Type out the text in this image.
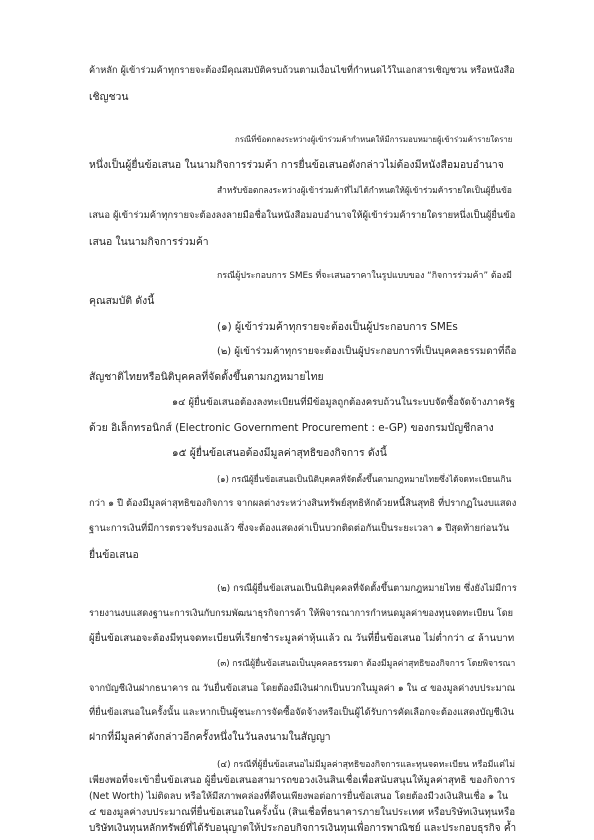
ค้าหลัก ผู้เข้าร่วมค้าทุกรายจะต้องมีคุณสมบัติครบถ้วนตามเงื่อนไขที่กำหนดไว้ในเอกสารเชิญชวน หรือหนังสือ
เชิญชวน
กรณีที่ข้อตกลงระหว่างผู้เข้าร่วมค้ากำหนดให้มีการมอบหมายผู้เข้าร่วมค้ารายใดราย
หนึ่งเป็นผู้ยื่นข้อเสนอ ในนามกิจการร่วมค้า การยื่นข้อเสนอดังกล่าวไม่ต้องมีหนังสือมอบอำนาจ
สำหรับข้อตกลงระหว่างผู้เข้าร่วมค้าที่ไม่ได้กำหนดให้ผู้เข้าร่วมค้ารายใดเป็นผู้ยื่นข้อ
เสนอ ผู้เข้าร่วมค้าทุกรายจะต้องลงลายมือชื่อในหนังสือมอบอำนาจให้ผู้เข้าร่วมค้ารายใดรายหนึ่งเป็นผู้ยื่นข้อ
เสนอ ในนามกิจการร่วมค้า
กรณีผู้ประกอบการ SMEs ที่จะเสนอราคาในรูปแบบของ “กิจการร่วมค้า” ต้องมี
คุณสมบัติ ดังนี้
(๑) ผู้เข้าร่วมค้าทุกรายจะต้องเป็นผู้ประกอบการ SMEs
(๒) ผู้เข้าร่วมค้าทุกรายจะต้องเป็นผู้ประกอบการที่เป็นบุคคลธรรมดาที่ถือ
สัญชาติไทยหรือนิติบุคคลที่จัดตั้งขึ้นตามกฎหมายไทย
๑๔ ผู้ยื่นข้อเสนอต้องลงทะเบียนที่มีข้อมูลถูกต้องครบถ้วนในระบบจัดซื้อจัดจ้างภาครัฐ
ด้วย อิเล็กทรอนิกส์ (Electronic Government Procurement : e-GP) ของกรมบัญชีกลาง
๑๕ ผู้ยื่นข้อเสนอต้องมีมูลค่าสุทธิของกิจการ ดังนี้
(๑) กรณีผู้ยื่นข้อเสนอเป็นนิติบุคคลที่จัดตั้งขึ้นตามกฎหมายไทยซึ่งได้จดทะเบียนเกิน
กว่า ๑ ปี ต้องมีมูลค่าสุทธิของกิจการ จากผลต่างระหว่างสินทรัพย์สุทธิหักด้วยหนี้สินสุทธิ ที่ปรากฏในงบแสดง
ฐานะการเงินที่มีการตรวจรับรองแล้ว ซึ่งจะต้องแสดงค่าเป็นบวกติดต่อกันเป็นระยะเวลา ๑ ปีสุดท้ายก่อนวัน
ยื่นข้อเสนอ
(๒) กรณีผู้ยื่นข้อเสนอเป็นนิติบุคคลที่จัดตั้งขึ้นตามกฎหมายไทย ซึ่งยังไม่มีการ
รายงานงบแสดงฐานะการเงินกับกรมพัฒนาธุรกิจการค้า ให้พิจารณาการกำหนดมูลค่าของทุนจดทะเบียน โดย
ผู้ยื่นข้อเสนอจะต้องมีทุนจดทะเบียนที่เรียกชำระมูลค่าหุ้นแล้ว ณ วันที่ยื่นข้อเสนอ ไม่ต่ำกว่า ๔ ล้านบาท
(๓) กรณีผู้ยื่นข้อเสนอเป็นบุคคลธรรมดา ต้องมีมูลค่าสุทธิของกิจการ โดยพิจารณา
จากบัญชีเงินฝากธนาคาร ณ วันยื่นข้อเสนอ โดยต้องมีเงินฝากเป็นบวกในมูลค่า ๑ ใน ๔ ของมูลค่างบประมาณ
ที่ยื่นข้อเสนอในครั้งนั้น และหากเป็นผู้ชนะการจัดซื้อจัดจ้างหรือเป็นผู้ได้รับการคัดเลือกจะต้องแสดงบัญชีเงิน
ฝากที่มีมูลค่าดังกล่าวอีกครั้งหนึ่งในวันลงนามในสัญญา
(๔) กรณีที่ผู้ยื่นข้อเสนอไม่มีมูลค่าสุทธิของกิจการและทุนจดทะเบียน หรือมีแต่ไม่
เพียงพอที่จะเข้ายื่นข้อเสนอ ผู้ยื่นข้อเสนอสามารถขอวงเงินสินเชื่อเพื่อสนับสนุนให้มูลค่าสุทธิ ของกิจการ
(Net Worth) ไม่ติดลบ หรือให้มีสภาพคล่องที่ดีจนเพียงพอต่อการยื่นข้อเสนอ โดยต้องมีวงเงินสินเชื่อ ๑ ใน
๔ ของมูลค่างบประมาณที่ยื่นข้อเสนอในครั้งนั้น (สินเชื่อที่ธนาคารภายในประเทศ หรือบริษัทเงินทุนหรือ
บริษัทเงินทุนหลักทรัพย์ที่ได้รับอนุญาตให้ประกอบกิจการเงินทุนเพื่อการพาณิชย์ และประกอบธุรกิจ ค้ำ
